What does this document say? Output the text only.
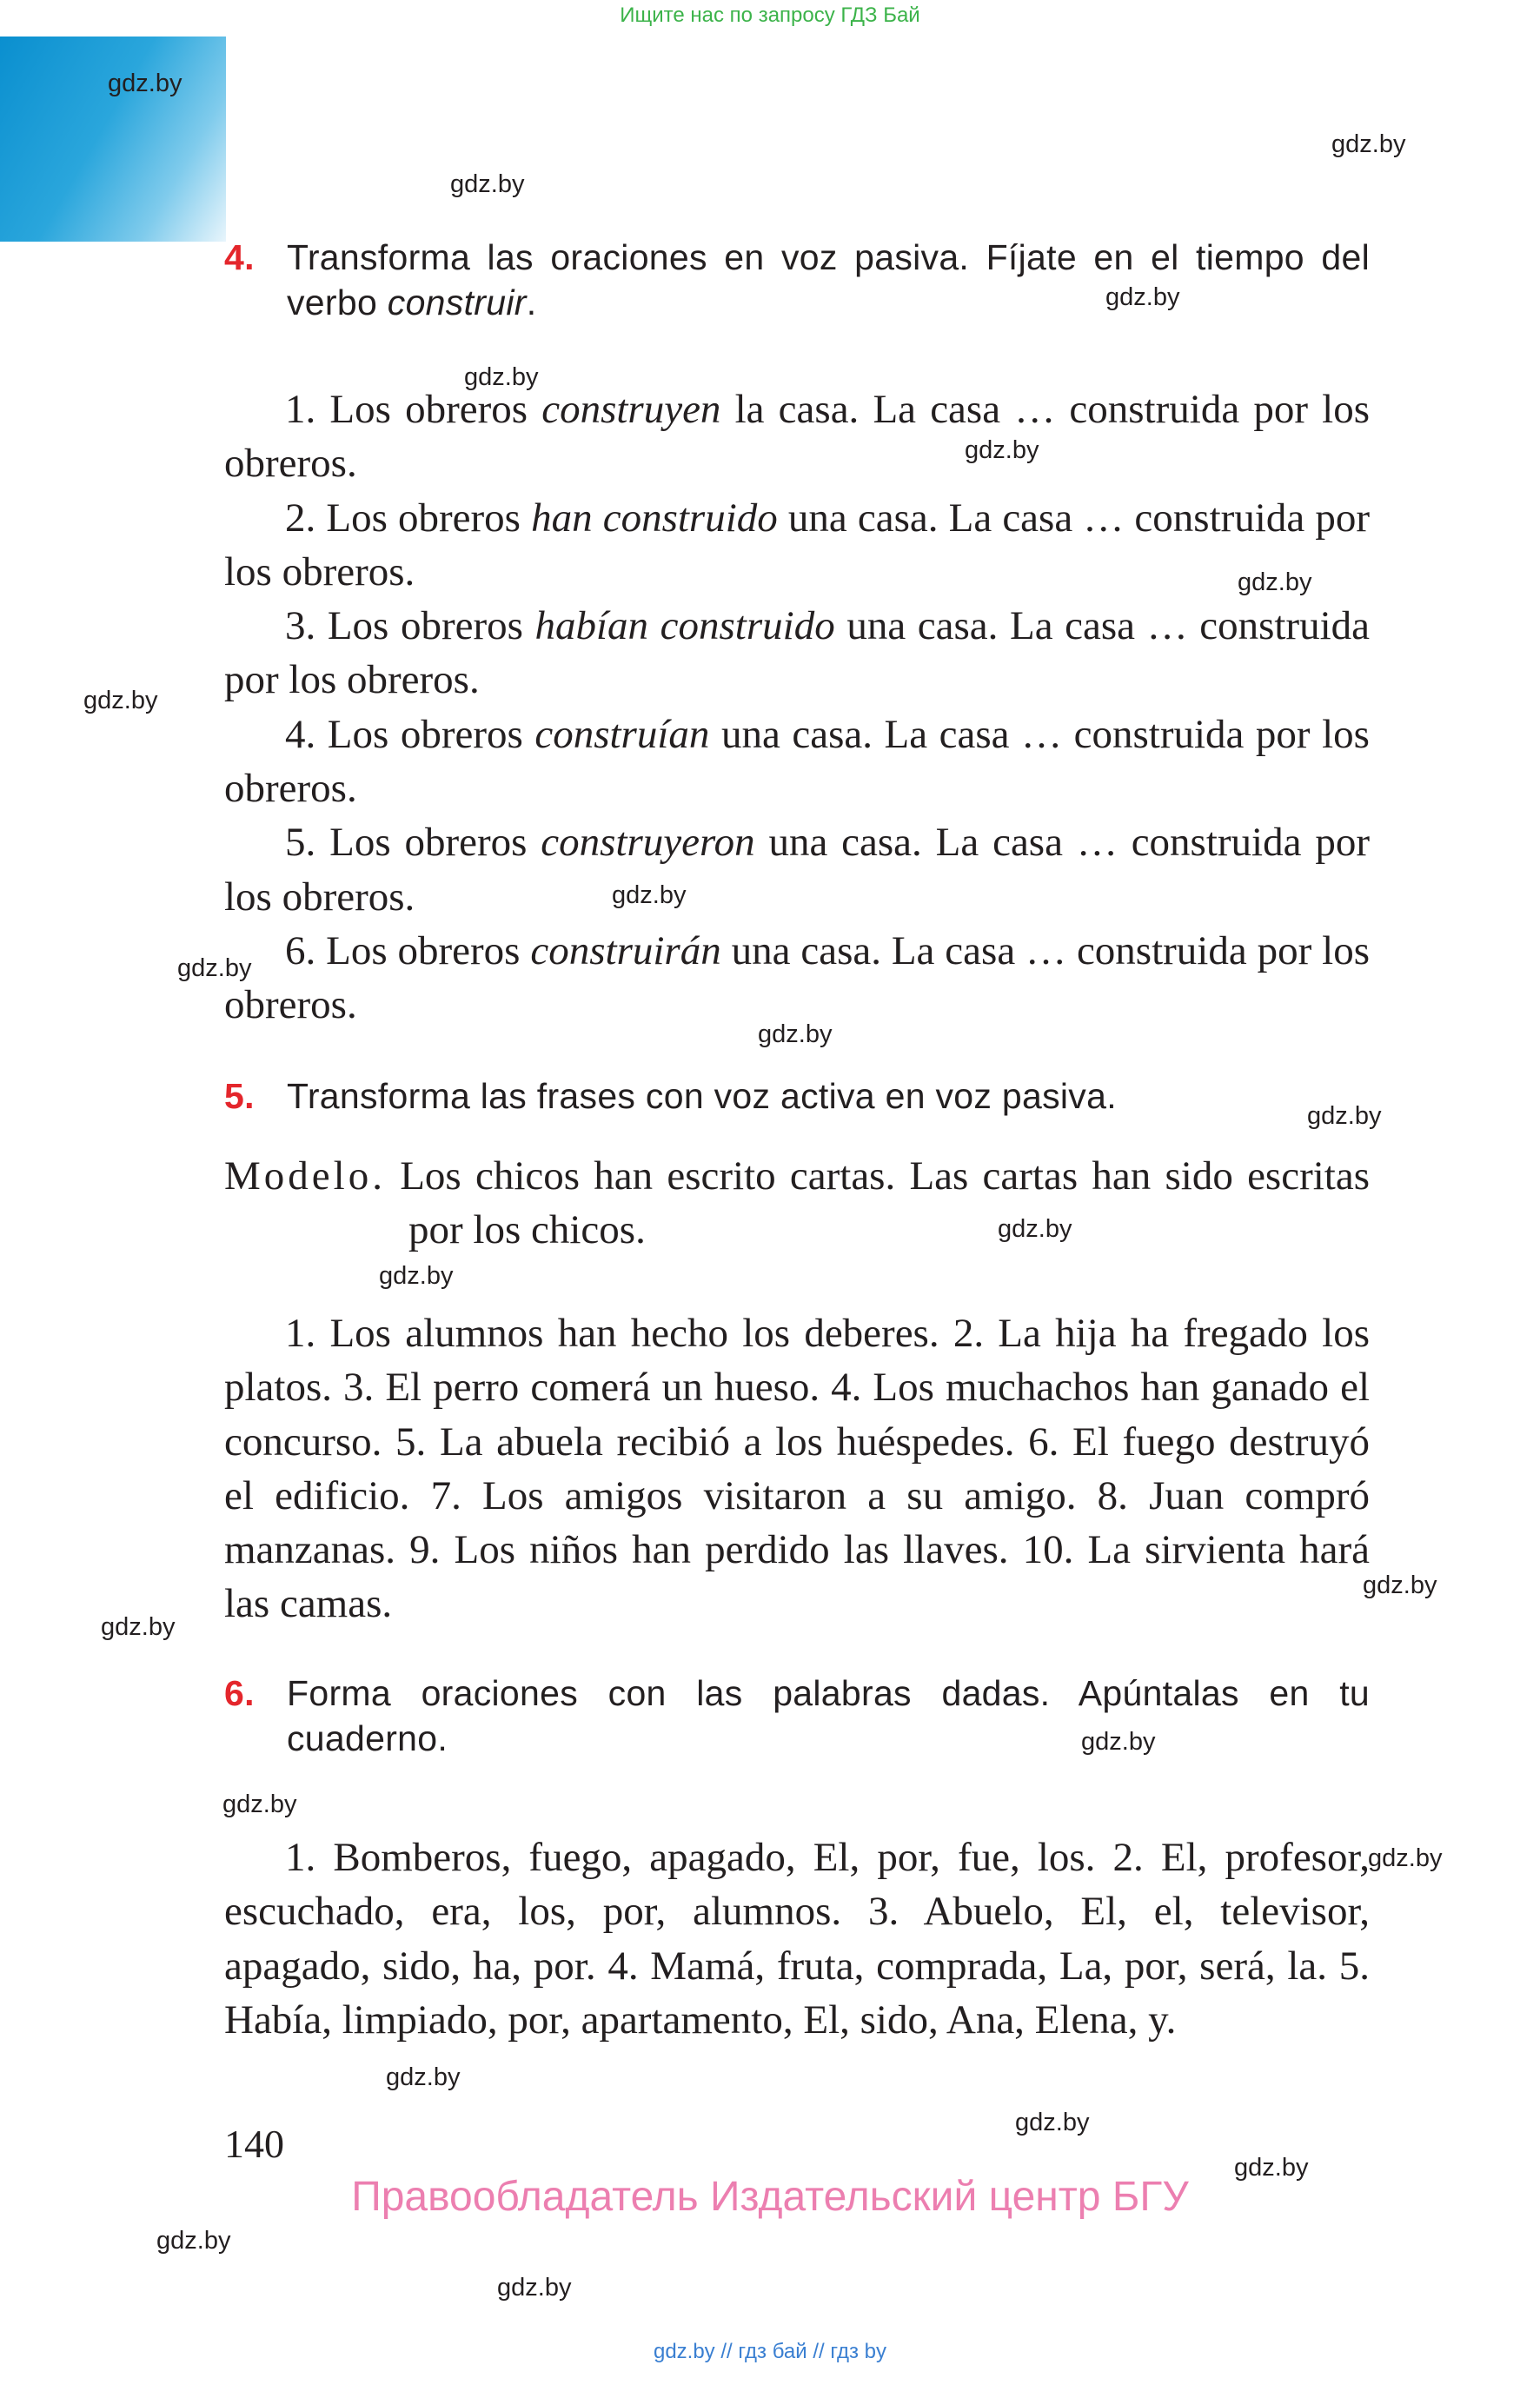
Ищите нас по запросу ГДЗ Бай
gdz.by
gdz.by
gdz.by
gdz.by
gdz.by
gdz.by
gdz.by
gdz.by
gdz.by
gdz.by
gdz.by
gdz.by
gdz.by
gdz.by
gdz.by
gdz.by
gdz.by
gdz.by
gdz.by
gdz.by
gdz.by
gdz.by
gdz.by
gdz.by
4. Transforma las oraciones en voz pasiva. Fíjate en el tiempo del verbo construir.

1. Los obreros construyen la casa. La casa … construida por los obreros.

2. Los obreros han construido una casa. La casa … construida por los obreros.

3. Los obreros habían construido una casa. La casa … construida por los obreros.

4. Los obreros construían una casa. La casa … construida por los obreros.

5. Los obreros construyeron una casa. La casa … construida por los obreros.

6. Los obreros construirán una casa. La casa … construida por los obreros.

5. Transforma las frases con voz activa en voz pasiva.
Modelo. Los chicos han escrito cartas. Las cartas han sido escritas por los chicos.

1. Los alumnos han hecho los deberes. 2. La hija ha fregado los platos. 3. El perro comerá un hueso. 4. Los muchachos han ganado el concurso. 5. La abuela recibió a los huéspedes. 6. El fuego destruyó el edificio. 7. Los amigos visitaron a su amigo. 8. Juan compró manzanas. 9. Los niños han perdido las llaves. 10. La sirvienta hará las camas.

6. Forma oraciones con las palabras dadas. Apúntalas en tu cuaderno.

1. Bomberos, fuego, apagado, El, por, fue, los. 2. El, profesor, escuchado, era, los, por, alumnos. 3. Abuelo, El, el, televisor, apagado, sido, ha, por. 4. Mamá, fruta, comprada, La, por, será, la. 5. Había, limpiado, por, apartamento, El, sido, Ana, Elena, y.

140
Правообладатель Издательский центр БГУ
gdz.by // гдз бай // гдз by
